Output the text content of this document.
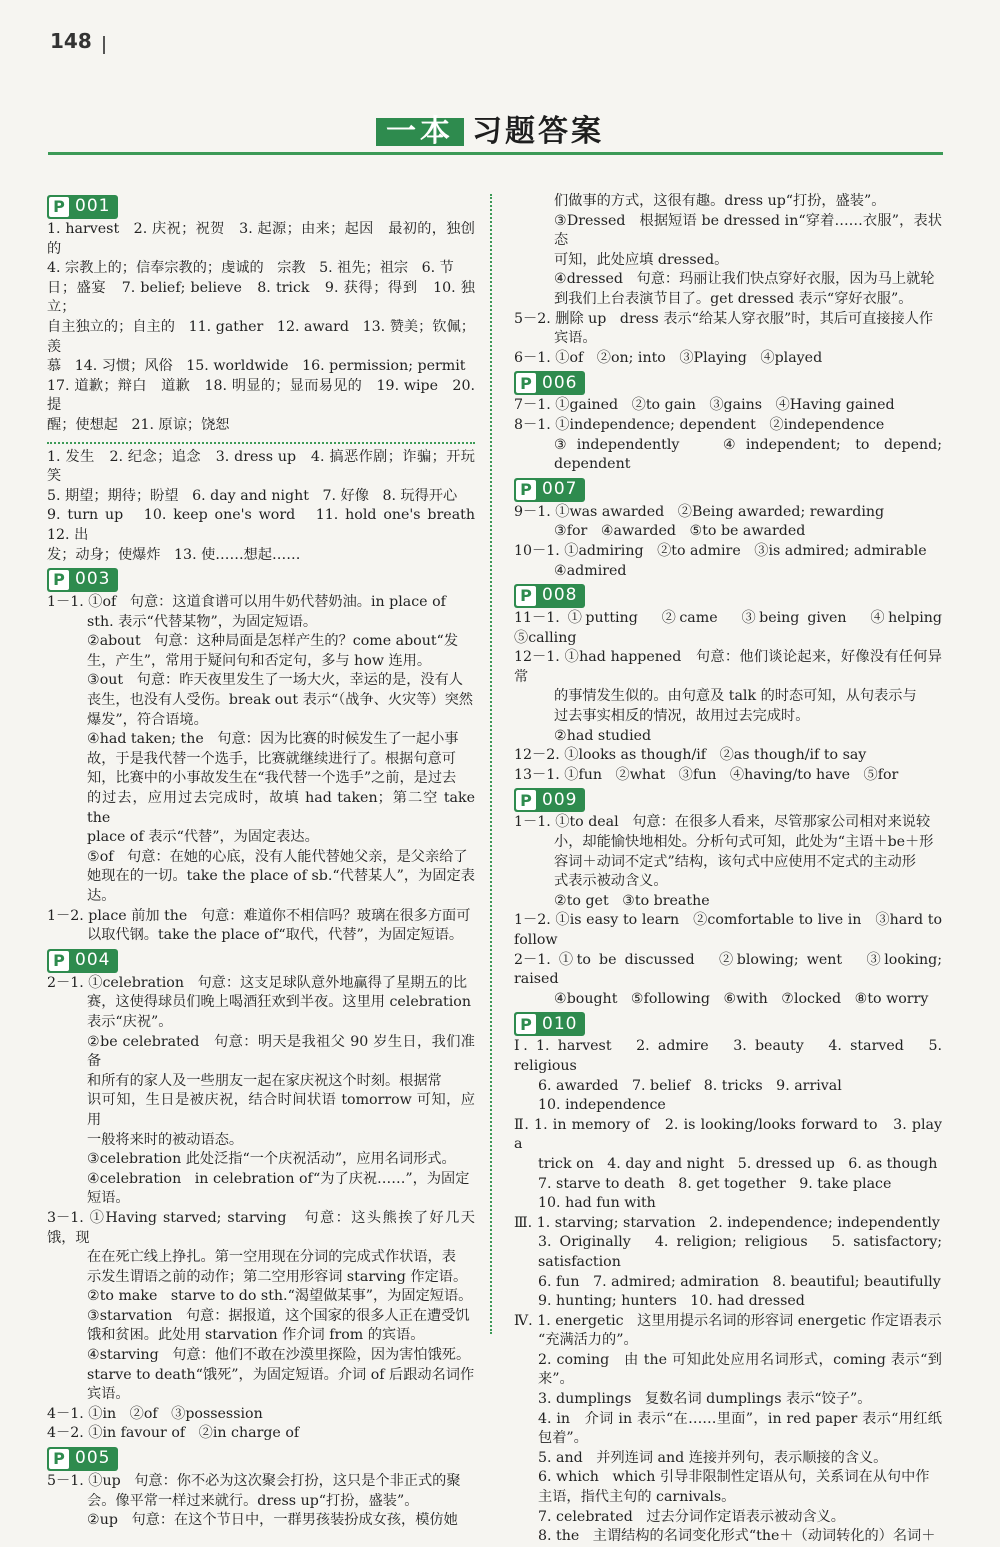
148
一本 习题答案
P 001
1. harvest   2. 庆祝；祝贺   3. 起源；由来；起因   最初的，独创的
4. 宗教上的；信奉宗教的；虔诚的   宗教   5. 祖先；祖宗   6. 节
日；盛宴   7. belief; believe   8. trick   9. 获得；得到   10. 独立；
自主独立的；自主的   11. gather   12. award   13. 赞美；钦佩；羡
慕   14. 习惯；风俗   15. worldwide   16. permission; permit
17. 道歉；辩白   道歉   18. 明显的；显而易见的   19. wipe   20. 提
醒；使想起   21. 原谅；饶恕
1. 发生   2. 纪念；追念   3. dress up   4. 搞恶作剧；诈骗；开玩笑
5. 期望；期待；盼望   6. day and night   7. 好像   8. 玩得开心
9. turn up   10. keep one's word   11. hold one's breath   12. 出
发；动身；使爆炸   13. 使……想起……
P 003
1－1. ①of   句意：这道食谱可以用牛奶代替奶油。in place of
sth. 表示“代替某物”，为固定短语。
②about   句意：这种局面是怎样产生的？come about“发
生，产生”，常用于疑问句和否定句，多与 how 连用。
③out   句意：昨天夜里发生了一场大火，幸运的是，没有人
丧生，也没有人受伤。break out 表示“（战争、火灾等）突然
爆发”，符合语境。
④had taken; the   句意：因为比赛的时候发生了一起小事
故，于是我代替一个选手，比赛就继续进行了。根据句意可
知，比赛中的小事故发生在“我代替一个选手”之前，是过去
的过去，应用过去完成时，故填 had taken；第二空 take the
place of 表示“代替”，为固定表达。
⑤of   句意：在她的心底，没有人能代替她父亲，是父亲给了
她现在的一切。take the place of sb.“代替某人”，为固定表达。
1－2. place 前加 the   句意：难道你不相信吗？玻璃在很多方面可
以取代钢。take the place of“取代，代替”，为固定短语。
P 004
2－1. ①celebration   句意：这支足球队意外地赢得了星期五的比
赛，这使得球员们晚上喝酒狂欢到半夜。这里用 celebration
表示“庆祝”。
②be celebrated   句意：明天是我祖父 90 岁生日，我们准备
和所有的家人及一些朋友一起在家庆祝这个时刻。根据常
识可知，生日是被庆祝，结合时间状语 tomorrow 可知，应用
一般将来时的被动语态。
③celebration 此处泛指“一个庆祝活动”，应用名词形式。
④celebration   in celebration of“为了庆祝……”，为固定
短语。
3－1. ①Having starved; starving   句意：这头熊挨了好几天饿，现
在在死亡线上挣扎。第一空用现在分词的完成式作状语，表
示发生谓语之前的动作；第二空用形容词 starving 作定语。
②to make   starve to do sth.“渴望做某事”，为固定短语。
③starvation   句意：据报道，这个国家的很多人正在遭受饥
饿和贫困。此处用 starvation 作介词 from 的宾语。
④starving   句意：他们不敢在沙漠里探险，因为害怕饿死。
starve to death“饿死”，为固定短语。介词 of 后跟动名词作
宾语。
4－1. ①in   ②of   ③possession
4－2. ①in favour of   ②in charge of
P 005
5－1. ①up   句意：你不必为这次聚会打扮，这只是个非正式的聚
会。像平常一样过来就行。dress up“打扮，盛装”。
②up   句意：在这个节日中，一群男孩装扮成女孩，模仿她
们做事的方式，这很有趣。dress up“打扮，盛装”。
③Dressed   根据短语 be dressed in“穿着……衣服”，表状态
可知，此处应填 dressed。
④dressed   句意：玛丽让我们快点穿好衣服，因为马上就轮
到我们上台表演节目了。get dressed 表示“穿好衣服”。
5－2. 删除 up   dress 表示“给某人穿衣服”时，其后可直接接人作
宾语。
6－1. ①of   ②on; into   ③Playing   ④played
P 006
7－1. ①gained   ②to gain   ③gains   ④Having gained
8－1. ①independence; dependent   ②independence
③independently   ④independent; to depend; dependent
P 007
9－1. ①was awarded   ②Being awarded; rewarding
③for   ④awarded   ⑤to be awarded
10－1. ①admiring   ②to admire   ③is admired; admirable
④admired
P 008
11－1. ①putting   ②came   ③being given   ④helping   ⑤calling
12－1. ①had happened   句意：他们谈论起来，好像没有任何异常
的事情发生似的。由句意及 talk 的时态可知，从句表示与
过去事实相反的情况，故用过去完成时。
②had studied
12－2. ①looks as though/if   ②as though/if to say
13－1. ①fun   ②what   ③fun   ④having/to have   ⑤for
P 009
1－1. ①to deal   句意：在很多人看来，尽管那家公司相对来说较
小，却能愉快地相处。分析句式可知，此处为“主语＋be＋形
容词＋动词不定式”结构，该句式中应使用不定式的主动形
式表示被动含义。
②to get   ③to breathe
1－2. ①is easy to learn   ②comfortable to live in   ③hard to follow
2－1. ①to be discussed   ②blowing; went   ③looking; raised
④bought   ⑤following   ⑥with   ⑦locked   ⑧to worry
P 010
Ⅰ. 1. harvest   2. admire   3. beauty   4. starved   5. religious
6. awarded   7. belief   8. tricks   9. arrival
10. independence
Ⅱ. 1. in memory of   2. is looking/looks forward to   3. play a
trick on   4. day and night   5. dressed up   6. as though
7. starve to death   8. get together   9. take place
10. had fun with
Ⅲ. 1. starving; starvation   2. independence; independently
3. Originally   4. religion; religious   5. satisfactory; satisfaction
6. fun   7. admired; admiration   8. beautiful; beautifully
9. hunting; hunters   10. had dressed
Ⅳ. 1. energetic   这里用提示名词的形容词 energetic 作定语表示
“充满活力的”。
2. coming   由 the 可知此处应用名词形式，coming 表示“到来”。
3. dumplings   复数名词 dumplings 表示“饺子”。
4. in   介词 in 表示“在……里面”，in red paper 表示“用红纸包着”。
5. and   并列连词 and 连接并列句，表示顺接的含义。
6. which   which 引导非限制性定语从句，关系词在从句中作
主语，指代主句的 carnivals。
7. celebrated   过去分词作定语表示被动含义。
8. the   主谓结构的名词变化形式“the＋（动词转化的）名词＋
